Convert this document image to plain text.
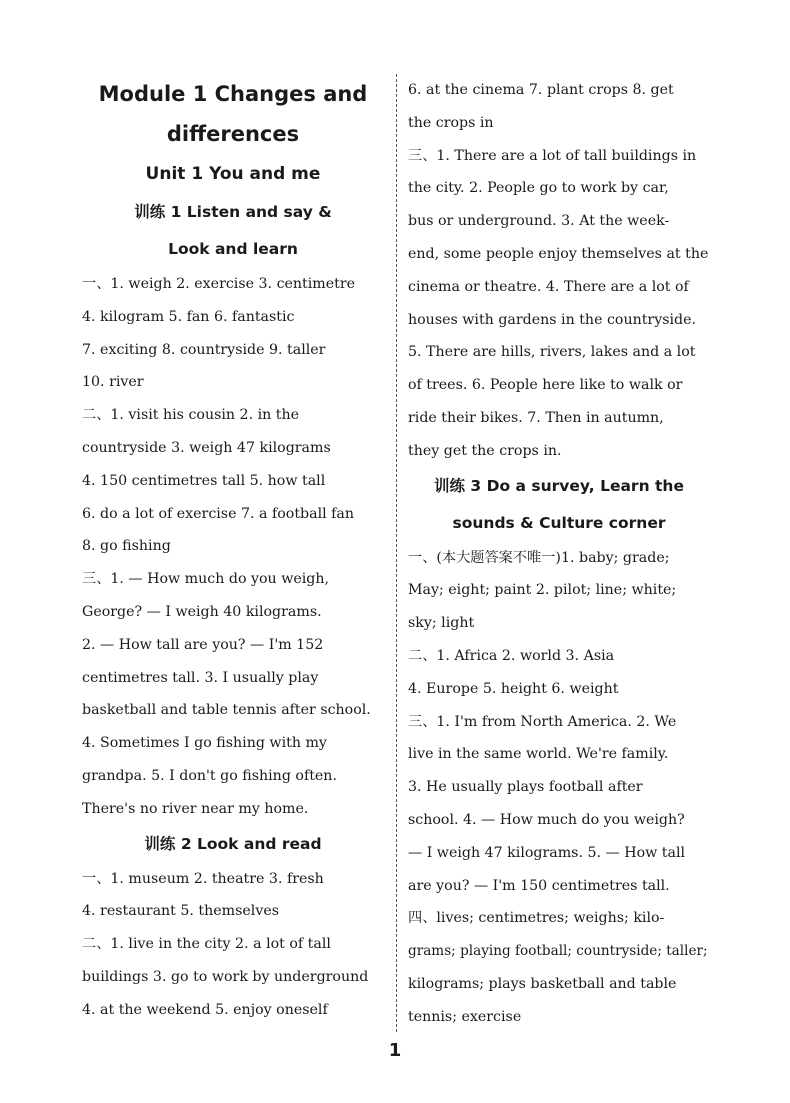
Module 1 Changes and

differences

Unit 1 You and me

训练 1 Listen and say &

Look and learn

一、1. weigh 2. exercise 3. centimetre

4. kilogram 5. fan 6. fantastic

7. exciting 8. countryside 9. taller

10. river

二、1. visit his cousin 2. in the

countryside 3. weigh 47 kilograms

4. 150 centimetres tall 5. how tall

6. do a lot of exercise 7. a football fan

8. go fishing

三、1. — How much do you weigh,

George? — I weigh 40 kilograms.

2. — How tall are you? — I'm 152

centimetres tall. 3. I usually play

basketball and table tennis after school.

4. Sometimes I go fishing with my

grandpa. 5. I don't go fishing often.

There's no river near my home.

训练 2 Look and read

一、1. museum 2. theatre 3. fresh

4. restaurant 5. themselves

二、1. live in the city 2. a lot of tall

buildings 3. go to work by underground

4. at the weekend 5. enjoy oneself

6. at the cinema 7. plant crops 8. get

the crops in

三、1. There are a lot of tall buildings in

the city. 2. People go to work by car,

bus or underground. 3. At the week-

end, some people enjoy themselves at the

cinema or theatre. 4. There are a lot of

houses with gardens in the countryside.

5. There are hills, rivers, lakes and a lot

of trees. 6. People here like to walk or

ride their bikes. 7. Then in autumn,

they get the crops in.

训练 3 Do a survey, Learn the

sounds & Culture corner

一、(本大题答案不唯一)1. baby; grade;

May; eight; paint 2. pilot; line; white;

sky; light

二、1. Africa 2. world 3. Asia

4. Europe 5. height 6. weight

三、1. I'm from North America. 2. We

live in the same world. We're family.

3. He usually plays football after

school. 4. — How much do you weigh?

— I weigh 47 kilograms. 5. — How tall

are you? — I'm 150 centimetres tall.

四、lives; centimetres; weighs; kilo-

grams; playing football; countryside; taller;

kilograms; plays basketball and table

tennis; exercise

1
